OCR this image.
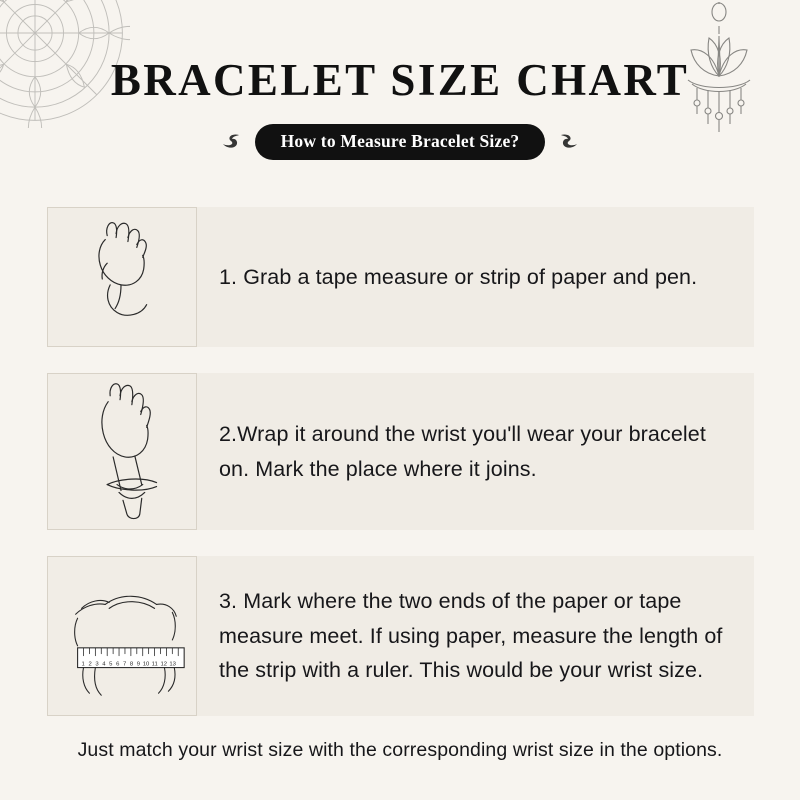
BRACELET SIZE CHART
How to Measure Bracelet Size?
1. Grab a tape measure or strip of paper and pen.
2.Wrap it around the wrist you'll wear your bracelet on. Mark the place where it joins.
1 2 3 4 5 6 7 8 9 10 11 12 13
3. Mark where the two ends of the paper or tape measure meet. If using paper, measure the length of the strip with a ruler. This would be your wrist size.
Just match your wrist size with the corresponding wrist size in the options.
